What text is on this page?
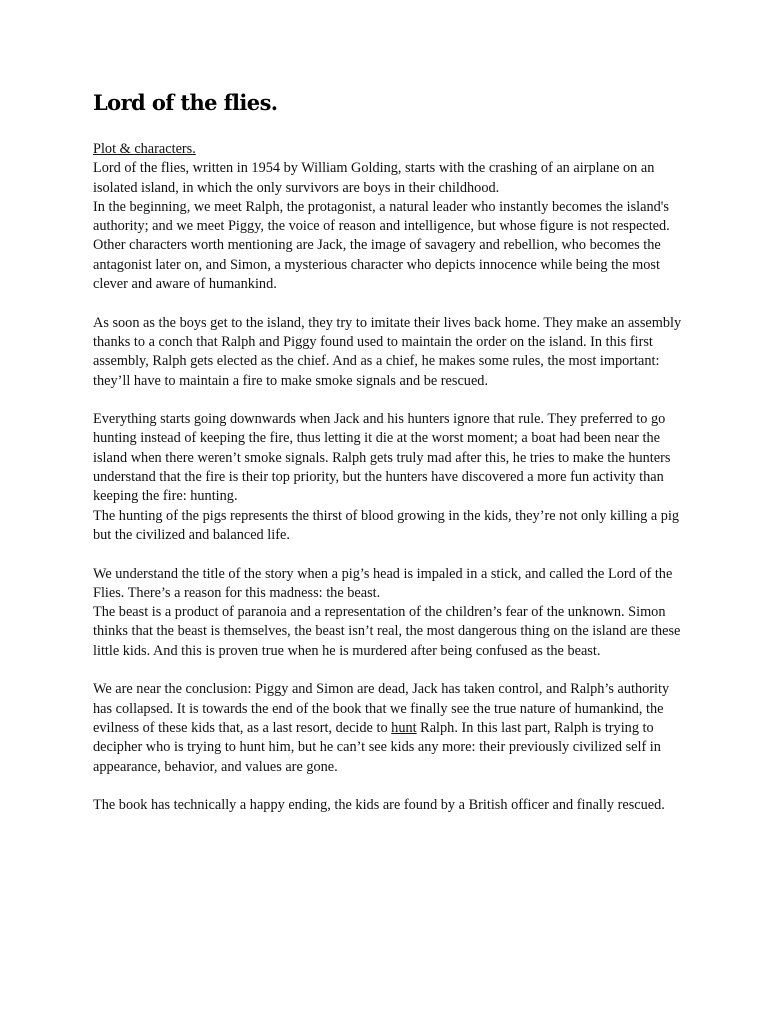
Lord of the flies.
Plot & characters.

Lord of the flies, written in 1954 by William Golding, starts with the crashing of an airplane on an isolated island, in which the only survivors are boys in their childhood.

In the beginning, we meet Ralph, the protagonist, a natural leader who instantly becomes the island's authority; and we meet Piggy, the voice of reason and intelligence, but whose figure is not respected. Other characters worth mentioning are Jack, the image of savagery and rebellion, who becomes the antagonist later on, and Simon, a mysterious character who depicts innocence while being the most clever and aware of humankind.

As soon as the boys get to the island, they try to imitate their lives back home. They make an assembly thanks to a conch that Ralph and Piggy found used to maintain the order on the island. In this first assembly, Ralph gets elected as the chief. And as a chief, he makes some rules, the most important: they’ll have to maintain a fire to make smoke signals and be rescued.

Everything starts going downwards when Jack and his hunters ignore that rule. They preferred to go hunting instead of keeping the fire, thus letting it die at the worst moment; a boat had been near the island when there weren’t smoke signals. Ralph gets truly mad after this, he tries to make the hunters understand that the fire is their top priority, but the hunters have discovered a more fun activity than keeping the fire: hunting.

The hunting of the pigs represents the thirst of blood growing in the kids, they’re not only killing a pig but the civilized and balanced life.

We understand the title of the story when a pig’s head is impaled in a stick, and called the Lord of the Flies. There’s a reason for this madness: the beast.

The beast is a product of paranoia and a representation of the children’s fear of the unknown. Simon thinks that the beast is themselves, the beast isn’t real, the most dangerous thing on the island are these little kids. And this is proven true when he is murdered after being confused as the beast.

We are near the conclusion: Piggy and Simon are dead, Jack has taken control, and Ralph’s authority has collapsed. It is towards the end of the book that we finally see the true nature of humankind, the evilness of these kids that, as a last resort, decide to hunt Ralph. In this last part, Ralph is trying to decipher who is trying to hunt him, but he can’t see kids any more: their previously civilized self in appearance, behavior, and values are gone.

The book has technically a happy ending, the kids are found by a British officer and finally rescued.
